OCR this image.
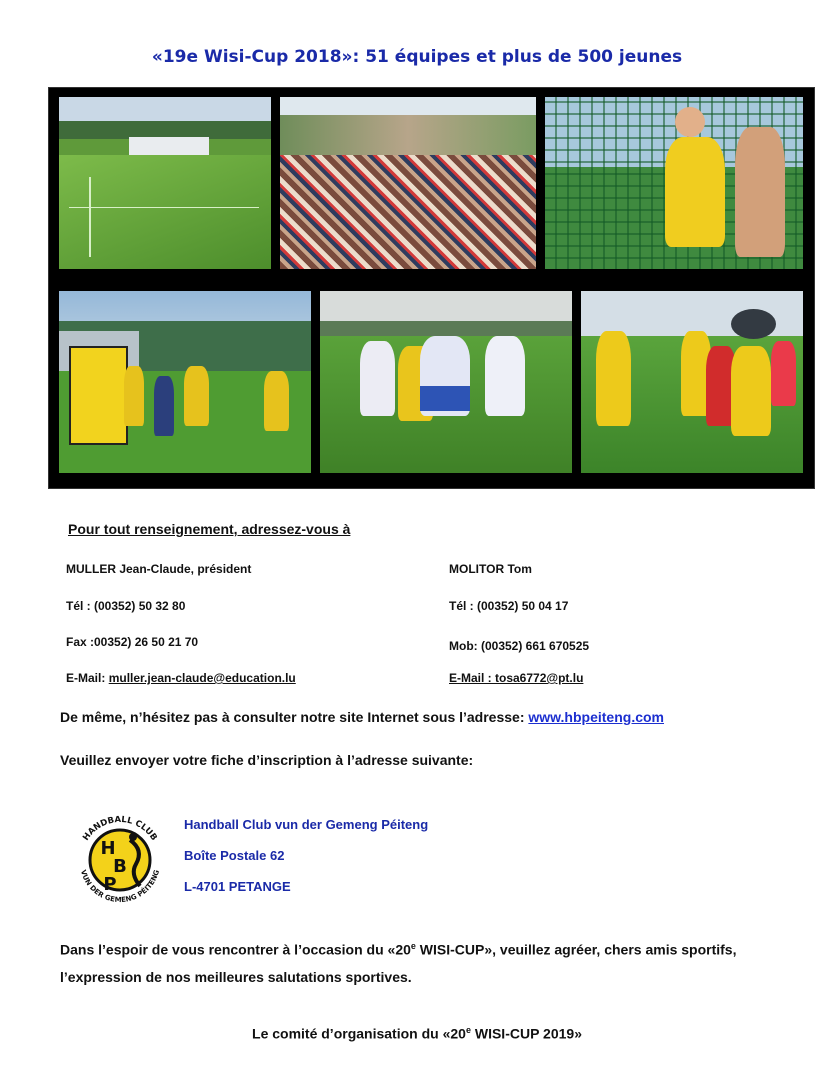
«19e Wisi-Cup 2018»: 51 équipes et plus de 500 jeunes
Pour tout renseignement, adressez-vous à
MULLER Jean-Claude, président
Tél : (00352) 50 32 80
Fax :00352) 26 50 21 70
E-Mail: muller.jean-claude@education.lu
MOLITOR Tom
Tél : (00352) 50 04 17
Mob: (00352) 661 670525
E-Mail : tosa6772@pt.lu
De même, n’hésitez pas à consulter notre site Internet sous l’adresse: www.hbpeiteng.com
Veuillez envoyer votre fiche d’inscription à l’adresse suivante:
HANDBALL CLUB
VUN DER GEMENG PÉITENG
H
B
P
Handball Club vun der Gemeng Péiteng
Boîte Postale 62
L-4701 PETANGE
Dans l’espoir de vous rencontrer à l’occasion du «20e WISI-CUP», veuillez agréer, chers amis sportifs,
l’expression de nos meilleures salutations sportives.
Le comité d’organisation du «20e WISI-CUP 2019»
